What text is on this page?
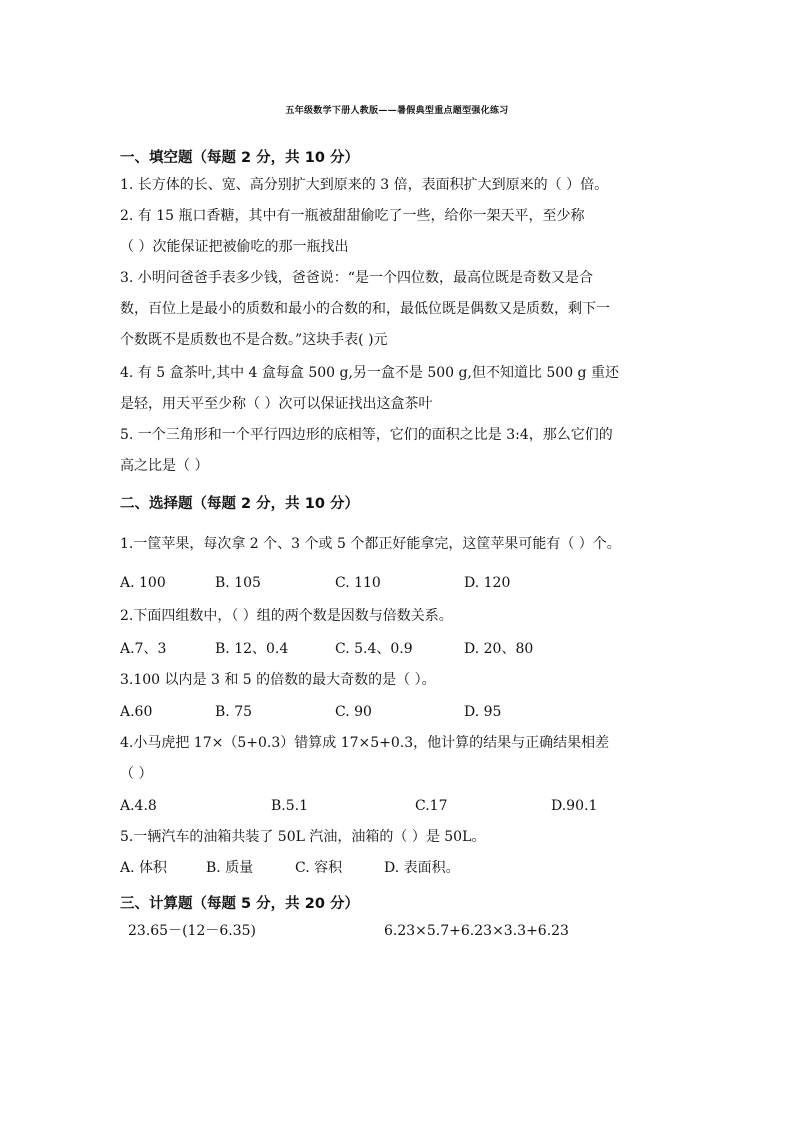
五年级数学下册人教版——暑假典型重点题型强化练习
一、填空题（每题 2 分，共 10 分）
1. 长方体的长、宽、高分别扩大到原来的 3 倍，表面积扩大到原来的（ ）倍。
2. 有 15 瓶口香糖，其中有一瓶被甜甜偷吃了一些，给你一架天平，至少称
（ ）次能保证把被偷吃的那一瓶找出
3. 小明问爸爸手表多少钱，爸爸说：“是一个四位数，最高位既是奇数又是合
数，百位上是最小的质数和最小的合数的和，最低位既是偶数又是质数，剩下一
个数既不是质数也不是合数。”这块手表( )元
4. 有 5 盒茶叶,其中 4 盒每盒 500 g,另一盒不是 500 g,但不知道比 500 g 重还
是轻，用天平至少称（ ）次可以保证找出这盒茶叶
5. 一个三角形和一个平行四边形的底相等，它们的面积之比是 3:4，那么它们的
高之比是（ ）
二、选择题（每题 2 分，共 10 分）
1.一筐苹果，每次拿 2 个、3 个或 5 个都正好能拿完，这筐苹果可能有（ ）个。
A. 100	B. 105	C. 110	D. 120
2.下面四组数中，（ ）组的两个数是因数与倍数关系。
A.7、3	B. 12、0.4	C. 5.4、0.9	D. 20、80
3.100 以内是 3 和 5 的倍数的最大奇数的是（ ）。
A.60	B. 75	C. 90	D. 95
4.小马虎把 17×（5+0.3）错算成 17×5+0.3，他计算的结果与正确结果相差
（ ）
A.4.8	B.5.1	C.17	D.90.1
5.一辆汽车的油箱共装了 50L 汽油，油箱的（ ）是 50L。
A. 体积	B. 质量	C. 容积	D. 表面积。
三、计算题（每题 5 分，共 20 分）
23.65－(12－6.35)	6.23×5.7+6.23×3.3+6.23
